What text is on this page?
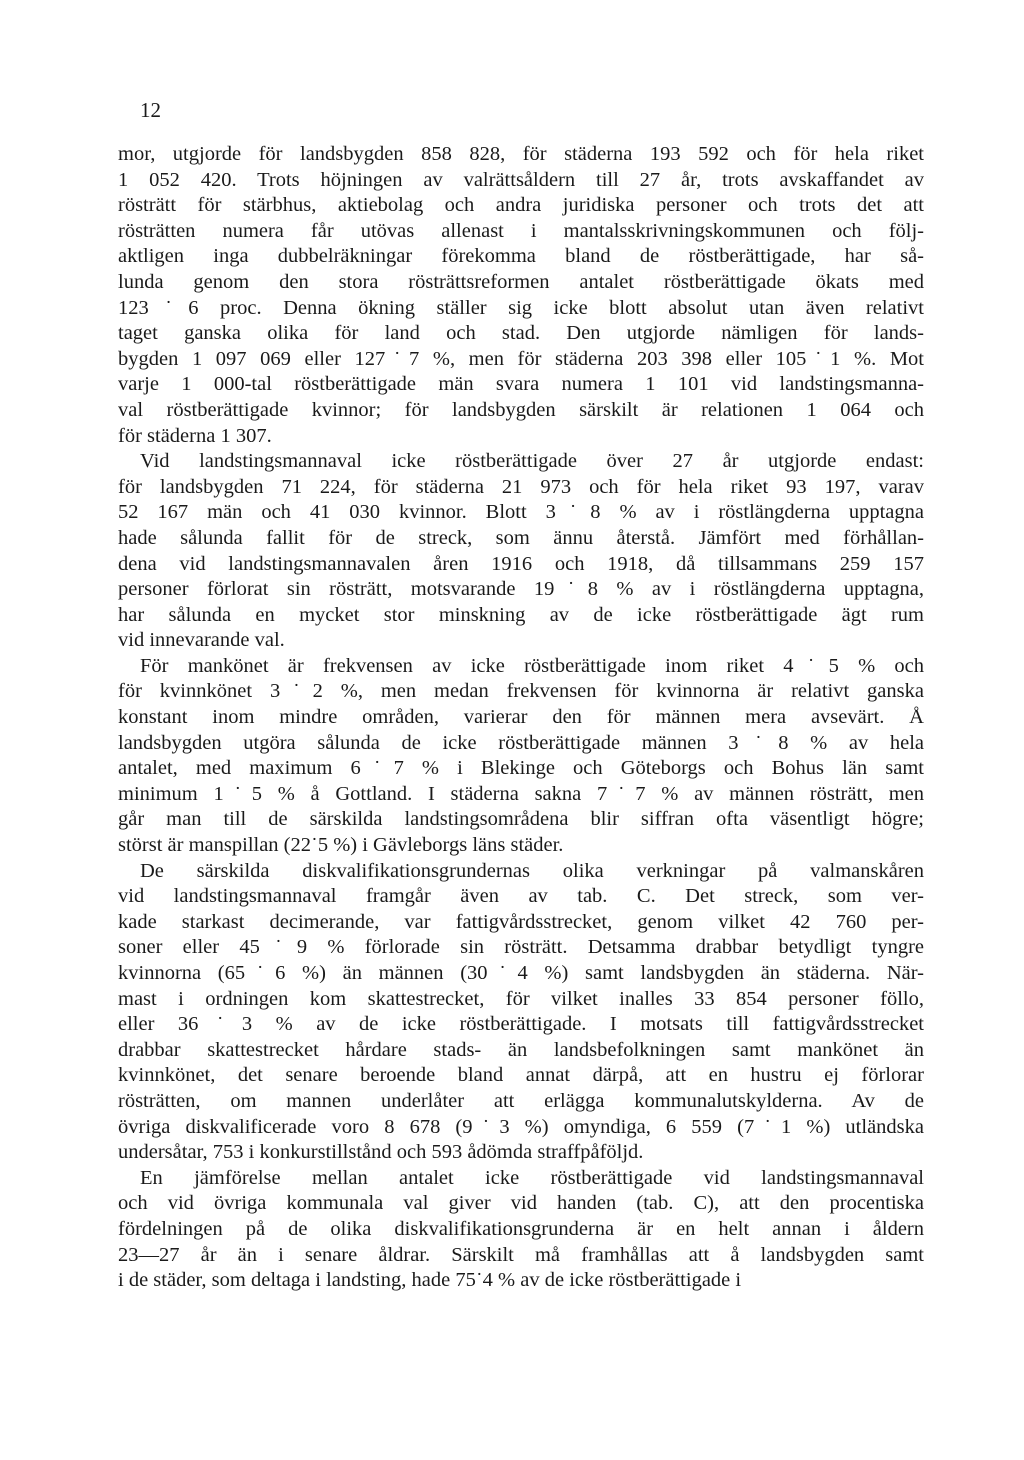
12
mor, utgjorde för landsbygden 858 828, för städerna 193 592 och för hela riket
1 052 420. Trots höjningen av valrättsåldern till 27 år, trots avskaffandet av
rösträtt för stärbhus, aktiebolag och andra juridiska personer och trots det att
rösträtten numera får utövas allenast i mantalsskrivningskommunen och följ-
aktligen inga dubbelräkningar förekomma bland de röstberättigade, har så-
lunda genom den stora rösträttsreformen antalet röstberättigade ökats med
123˙6 proc. Denna ökning ställer sig icke blott absolut utan även relativt
taget ganska olika för land och stad. Den utgjorde nämligen för lands-
bygden 1 097 069 eller 127˙7 %, men för städerna 203 398 eller 105˙1 %. Mot
varje 1 000-tal röstberättigade män svara numera 1 101 vid landstingsmanna-
val röstberättigade kvinnor; för landsbygden särskilt är relationen 1 064 och
för städerna 1 307.
Vid landstingsmannaval icke röstberättigade över 27 år utgjorde endast:
för landsbygden 71 224, för städerna 21 973 och för hela riket 93 197, varav
52 167 män och 41 030 kvinnor. Blott 3˙8 % av i röstlängderna upptagna
hade sålunda fallit för de streck, som ännu återstå. Jämfört med förhållan-
dena vid landstingsmannavalen åren 1916 och 1918, då tillsammans 259 157
personer förlorat sin rösträtt, motsvarande 19˙8 % av i röstlängderna upptagna,
har sålunda en mycket stor minskning av de icke röstberättigade ägt rum
vid innevarande val.
För mankönet är frekvensen av icke röstberättigade inom riket 4˙5 % och
för kvinnkönet 3˙2 %, men medan frekvensen för kvinnorna är relativt ganska
konstant inom mindre områden, varierar den för männen mera avsevärt. Å
landsbygden utgöra sålunda de icke röstberättigade männen 3˙8 % av hela
antalet, med maximum 6˙7 % i Blekinge och Göteborgs och Bohus län samt
minimum 1˙5 % å Gottland. I städerna sakna 7˙7 % av männen rösträtt, men
går man till de särskilda landstingsområdena blir siffran ofta väsentligt högre;
störst är manspillan (22˙5 %) i Gävleborgs läns städer.
De särskilda diskvalifikationsgrundernas olika verkningar på valmanskåren
vid landstingsmannaval framgår även av tab. C. Det streck, som ver-
kade starkast decimerande, var fattigvårdsstrecket, genom vilket 42 760 per-
soner eller 45˙9 % förlorade sin rösträtt. Detsamma drabbar betydligt tyngre
kvinnorna (65˙6 %) än männen (30˙4 %) samt landsbygden än städerna. När-
mast i ordningen kom skattestrecket, för vilket inalles 33 854 personer föllo,
eller 36˙3 % av de icke röstberättigade. I motsats till fattigvårdsstrecket
drabbar skattestrecket hårdare stads- än landsbefolkningen samt mankönet än
kvinnkönet, det senare beroende bland annat därpå, att en hustru ej förlorar
rösträtten, om mannen underlåter att erlägga kommunalutskylderna. Av de
övriga diskvalificerade voro 8 678 (9˙3 %) omyndiga, 6 559 (7˙1 %) utländska
undersåtar, 753 i konkurstillstånd och 593 ådömda straffpåföljd.
En jämförelse mellan antalet icke röstberättigade vid landstingsmannaval
och vid övriga kommunala val giver vid handen (tab. C), att den procentiska
fördelningen på de olika diskvalifikationsgrunderna är en helt annan i åldern
23—27 år än i senare åldrar. Särskilt må framhållas att å landsbygden samt
i de städer, som deltaga i landsting, hade 75˙4 % av de icke röstberättigade i
